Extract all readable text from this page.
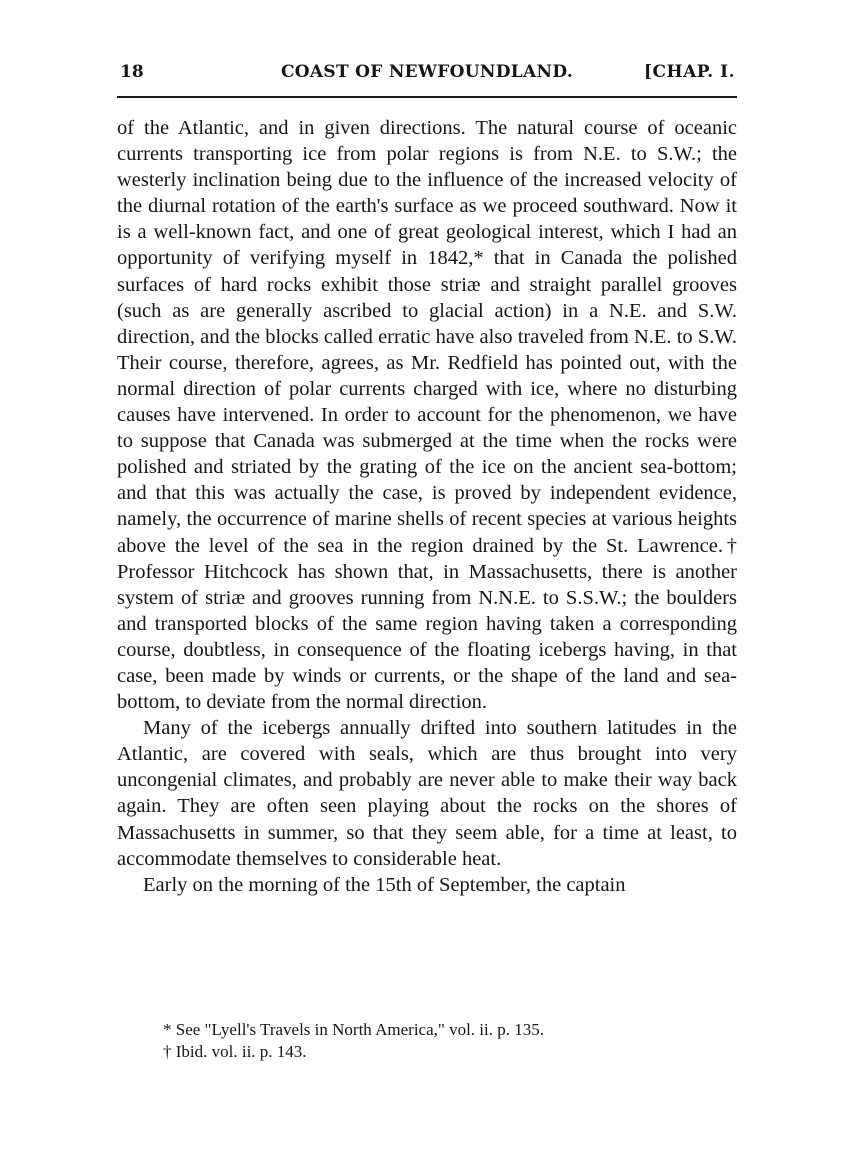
18	COAST OF NEWFOUNDLAND.	[CHAP. I.

of the Atlantic, and in given directions. The natural course of oceanic currents transporting ice from polar regions is from N.E. to S.W.; the westerly inclination being due to the influence of the increased velocity of the diurnal rotation of the earth's surface as we proceed southward. Now it is a well-known fact, and one of great geological interest, which I had an opportunity of verifying myself in 1842,* that in Canada the polished surfaces of hard rocks exhibit those striæ and straight parallel grooves (such as are generally ascribed to glacial action) in a N.E. and S.W. direction, and the blocks called erratic have also traveled from N.E. to S.W. Their course, therefore, agrees, as Mr. Redfield has pointed out, with the normal direction of polar currents charged with ice, where no disturbing causes have intervened. In order to account for the phenomenon, we have to suppose that Canada was submerged at the time when the rocks were polished and striated by the grating of the ice on the ancient sea-bottom; and that this was actually the case, is proved by independent evidence, namely, the occurrence of marine shells of recent species at various heights above the level of the sea in the region drained by the St. Lawrence.† Professor Hitchcock has shown that, in Massachusetts, there is another system of striæ and grooves running from N.N.E. to S.S.W.; the boulders and transported blocks of the same region having taken a corresponding course, doubtless, in consequence of the floating icebergs having, in that case, been made by winds or currents, or the shape of the land and sea-bottom, to deviate from the normal direction.

Many of the icebergs annually drifted into southern latitudes in the Atlantic, are covered with seals, which are thus brought into very uncongenial climates, and probably are never able to make their way back again. They are often seen playing about the rocks on the shores of Massachusetts in summer, so that they seem able, for a time at least, to accommodate themselves to considerable heat.

Early on the morning of the 15th of September, the captain

* See "Lyell's Travels in North America," vol. ii. p. 135.
† Ibid. vol. ii. p. 143.
